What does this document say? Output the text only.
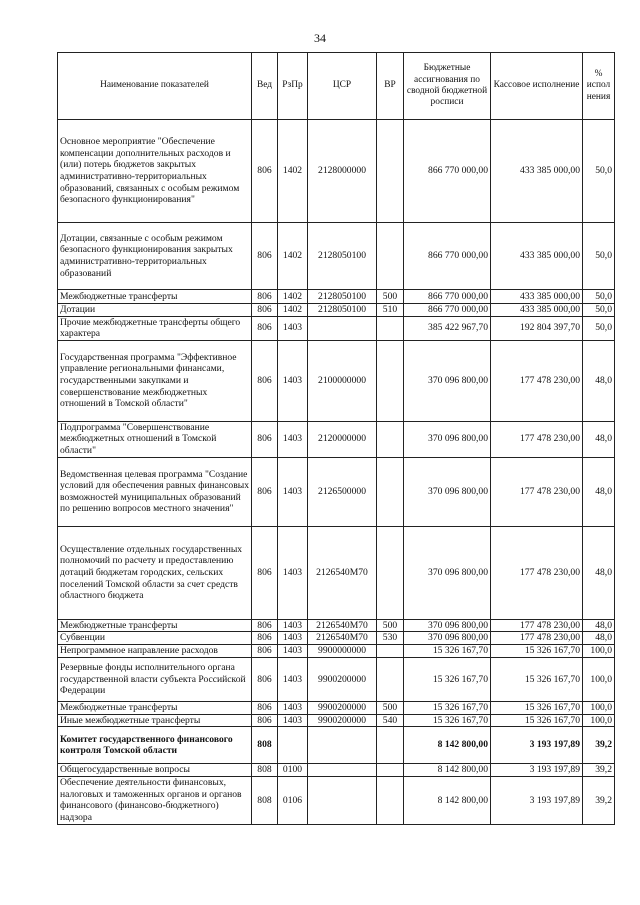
34
Наименование показателей	Вед	РзПр	ЦСР	ВР	Бюджетные ассигнования по сводной бюджетной росписи	Кассовое исполнение	% испол нения
Основное мероприятие "Обеспечение компенсации дополнительных расходов и (или) потерь бюджетов закрытых административно-территориальных образований, связанных с особым режимом безопасного функционирования"	806	1402	2128000000		866 770 000,00	433 385 000,00	50,0
Дотации, связанные с особым режимом безопасного функционирования закрытых административно-территориальных образований	806	1402	2128050100		866 770 000,00	433 385 000,00	50,0
Межбюджетные трансферты	806	1402	2128050100	500	866 770 000,00	433 385 000,00	50,0
Дотации	806	1402	2128050100	510	866 770 000,00	433 385 000,00	50,0
Прочие межбюджетные трансферты общего характера	806	1403			385 422 967,70	192 804 397,70	50,0
Государственная программа "Эффективное управление региональными финансами, государственными закупками и совершенствование межбюджетных отношений в Томской области"	806	1403	2100000000		370 096 800,00	177 478 230,00	48,0
Подпрограмма "Совершенствование межбюджетных отношений в Томской области"	806	1403	2120000000		370 096 800,00	177 478 230,00	48,0
Ведомственная целевая программа "Создание условий для обеспечения равных финансовых возможностей муниципальных образований по решению вопросов местного значения"	806	1403	2126500000		370 096 800,00	177 478 230,00	48,0
Осуществление отдельных государственных полномочий по расчету и предоставлению дотаций бюджетам городских, сельских поселений Томской области за счет средств областного бюджета	806	1403	2126540М70		370 096 800,00	177 478 230,00	48,0
Межбюджетные трансферты	806	1403	2126540М70	500	370 096 800,00	177 478 230,00	48,0
Субвенции	806	1403	2126540М70	530	370 096 800,00	177 478 230,00	48,0
Непрограммное направление расходов	806	1403	9900000000		15 326 167,70	15 326 167,70	100,0
Резервные фонды исполнительного органа государственной власти субъекта Российской Федерации	806	1403	9900200000		15 326 167,70	15 326 167,70	100,0
Межбюджетные трансферты	806	1403	9900200000	500	15 326 167,70	15 326 167,70	100,0
Иные межбюджетные трансферты	806	1403	9900200000	540	15 326 167,70	15 326 167,70	100,0
Комитет государственного финансового контроля Томской области	808				8 142 800,00	3 193 197,89	39,2
Общегосударственные вопросы	808	0100			8 142 800,00	3 193 197,89	39,2
Обеспечение деятельности финансовых, налоговых и таможенных органов и органов финансового (финансово-бюджетного) надзора	808	0106			8 142 800,00	3 193 197,89	39,2
